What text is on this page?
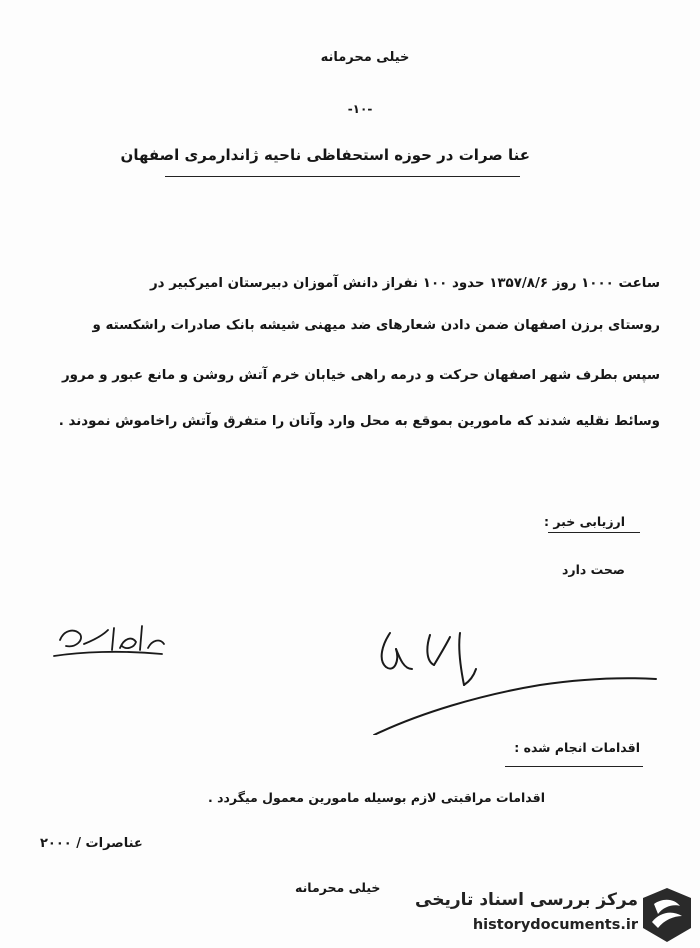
خیلی محرمانه
-۱۰-
عنا صرات در حوزه استحفاظی ناحیه ژاندارمری اصفهان
ساعت ۱۰۰۰ روز ۱۳۵۷/۸/۶ حدود ۱۰۰ نفراز دانش آموزان دبیرستان امیرکبیر در
روستای برزن اصفهان ضمن دادن شعارهای ضد میهنی شیشه بانک صادرات راشکسته و
سپس بطرف شهر اصفهان حرکت و درمه راهی خیابان خرم آتش روشن و مانع عبور و مرور
وسائط نقلیه شدند که مامورین بموقع به محل وارد وآنان را متفرق وآتش راخاموش نمودند .
ارزیابی خبر :
صحت دارد
اقدامات انجام شده :
اقدامات مراقبتی لازم بوسیله مامورین معمول میگردد .
عناصرات / ۲۰۰۰
خیلی محرمانه
مرکز بررسی اسناد تاریخی
historydocuments.ir
